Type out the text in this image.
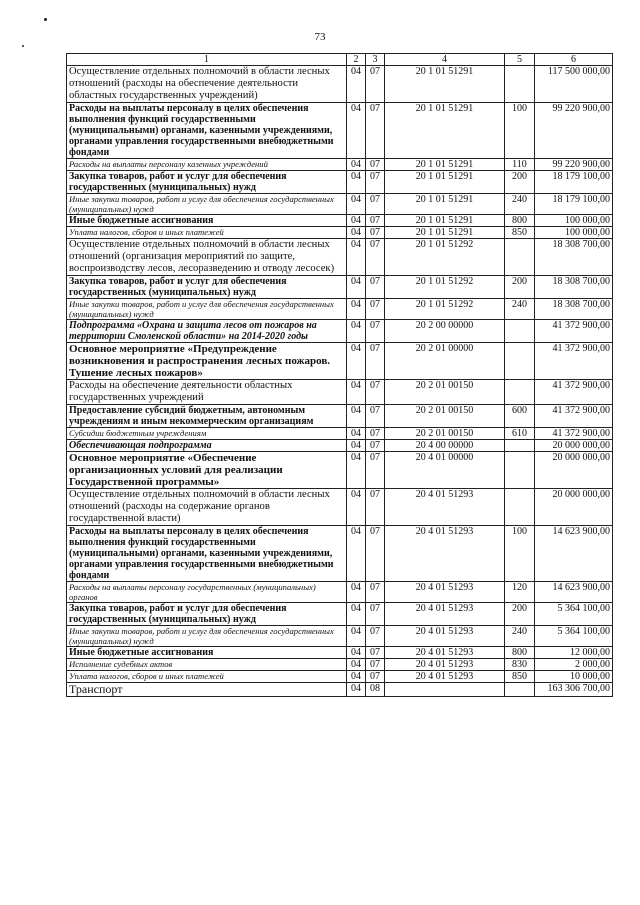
73
1	2	3	4	5	6
Осуществление отдельных полномочий в области лесных отношений (расходы на обеспечение деятельности областных государственных учреждений)	04	07	20 1 01 51291		117 500 000,00
Расходы на выплаты персоналу в целях обеспечения выполнения функций государственными (муниципальными) органами, казенными учреждениями, органами управления государственными внебюджетными фондами	04	07	20 1 01 51291	100	99 220 900,00
Расходы на выплаты персоналу казенных учреждений	04	07	20 1 01 51291	110	99 220 900,00
Закупка товаров, работ и услуг для обеспечения государственных (муниципальных) нужд	04	07	20 1 01 51291	200	18 179 100,00
Иные закупки товаров, работ и услуг для обеспечения государственных (муниципальных) нужд	04	07	20 1 01 51291	240	18 179 100,00
Иные бюджетные ассигнования	04	07	20 1 01 51291	800	100 000,00
Уплата налогов, сборов и иных платежей	04	07	20 1 01 51291	850	100 000,00
Осуществление отдельных полномочий в области лесных отношений (организация мероприятий по защите, воспроизводству лесов, лесоразведению и отводу лесосек)	04	07	20 1 01 51292		18 308 700,00
Закупка товаров, работ и услуг для обеспечения государственных (муниципальных) нужд	04	07	20 1 01 51292	200	18 308 700,00
Иные закупки товаров, работ и услуг для обеспечения государственных (муниципальных) нужд	04	07	20 1 01 51292	240	18 308 700,00
Подпрограмма «Охрана и защита лесов от пожаров на территории Смоленской области» на 2014-2020 годы	04	07	20 2 00 00000		41 372 900,00
Основное мероприятие «Предупреждение возникновения и распространения лесных пожаров. Тушение лесных пожаров»	04	07	20 2 01 00000		41 372 900,00
Расходы на обеспечение деятельности областных государственных учреждений	04	07	20 2 01 00150		41 372 900,00
Предоставление субсидий бюджетным, автономным учреждениям и иным некоммерческим организациям	04	07	20 2 01 00150	600	41 372 900,00
Субсидии бюджетным учреждениям	04	07	20 2 01 00150	610	41 372 900,00
Обеспечивающая подпрограмма	04	07	20 4 00 00000		20 000 000,00
Основное мероприятие «Обеспечение организационных условий для реализации Государственной программы»	04	07	20 4 01 00000		20 000 000,00
Осуществление отдельных полномочий в области лесных отношений (расходы на содержание органов государственной власти)	04	07	20 4 01 51293		20 000 000,00
Расходы на выплаты персоналу в целях обеспечения выполнения функций государственными (муниципальными) органами, казенными учреждениями, органами управления государственными внебюджетными фондами	04	07	20 4 01 51293	100	14 623 900,00
Расходы на выплаты персоналу государственных (муниципальных) органов	04	07	20 4 01 51293	120	14 623 900,00
Закупка товаров, работ и услуг для обеспечения государственных (муниципальных) нужд	04	07	20 4 01 51293	200	5 364 100,00
Иные закупки товаров, работ и услуг для обеспечения государственных (муниципальных) нужд	04	07	20 4 01 51293	240	5 364 100,00
Иные бюджетные ассигнования	04	07	20 4 01 51293	800	12 000,00
Исполнение судебных актов	04	07	20 4 01 51293	830	2 000,00
Уплата налогов, сборов и иных платежей	04	07	20 4 01 51293	850	10 000,00
Транспорт	04	08			163 306 700,00
